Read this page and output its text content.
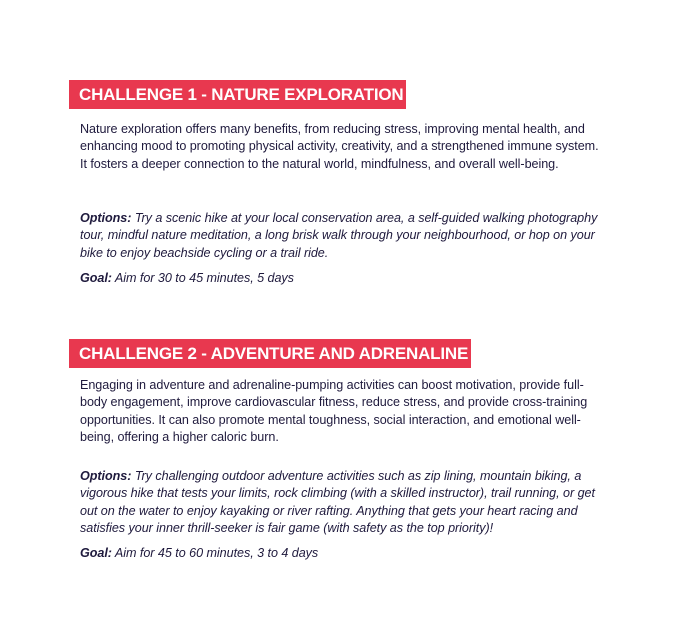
CHALLENGE 1 - NATURE EXPLORATION

Nature exploration offers many benefits, from reducing stress, improving mental health, and enhancing mood to promoting physical activity, creativity, and a strengthened immune system. It fosters a deeper connection to the natural world, mindfulness, and overall well-being.

Options: Try a scenic hike at your local conservation area, a self-guided walking photography tour, mindful nature meditation, a long brisk walk through your neighbourhood, or hop on your bike to enjoy beachside cycling or a trail ride.

Goal: Aim for 30 to 45 minutes, 5 days

CHALLENGE 2 - ADVENTURE AND ADRENALINE

Engaging in adventure and adrenaline-pumping activities can boost motivation, provide full-body engagement, improve cardiovascular fitness, reduce stress, and provide cross-training opportunities. It can also promote mental toughness, social interaction, and emotional well-being, offering a higher caloric burn.

Options: Try challenging outdoor adventure activities such as zip lining, mountain biking, a vigorous hike that tests your limits, rock climbing (with a skilled instructor), trail running, or get out on the water to enjoy kayaking or river rafting. Anything that gets your heart racing and satisfies your inner thrill-seeker is fair game (with safety as the top priority)!

Goal: Aim for 45 to 60 minutes, 3 to 4 days
